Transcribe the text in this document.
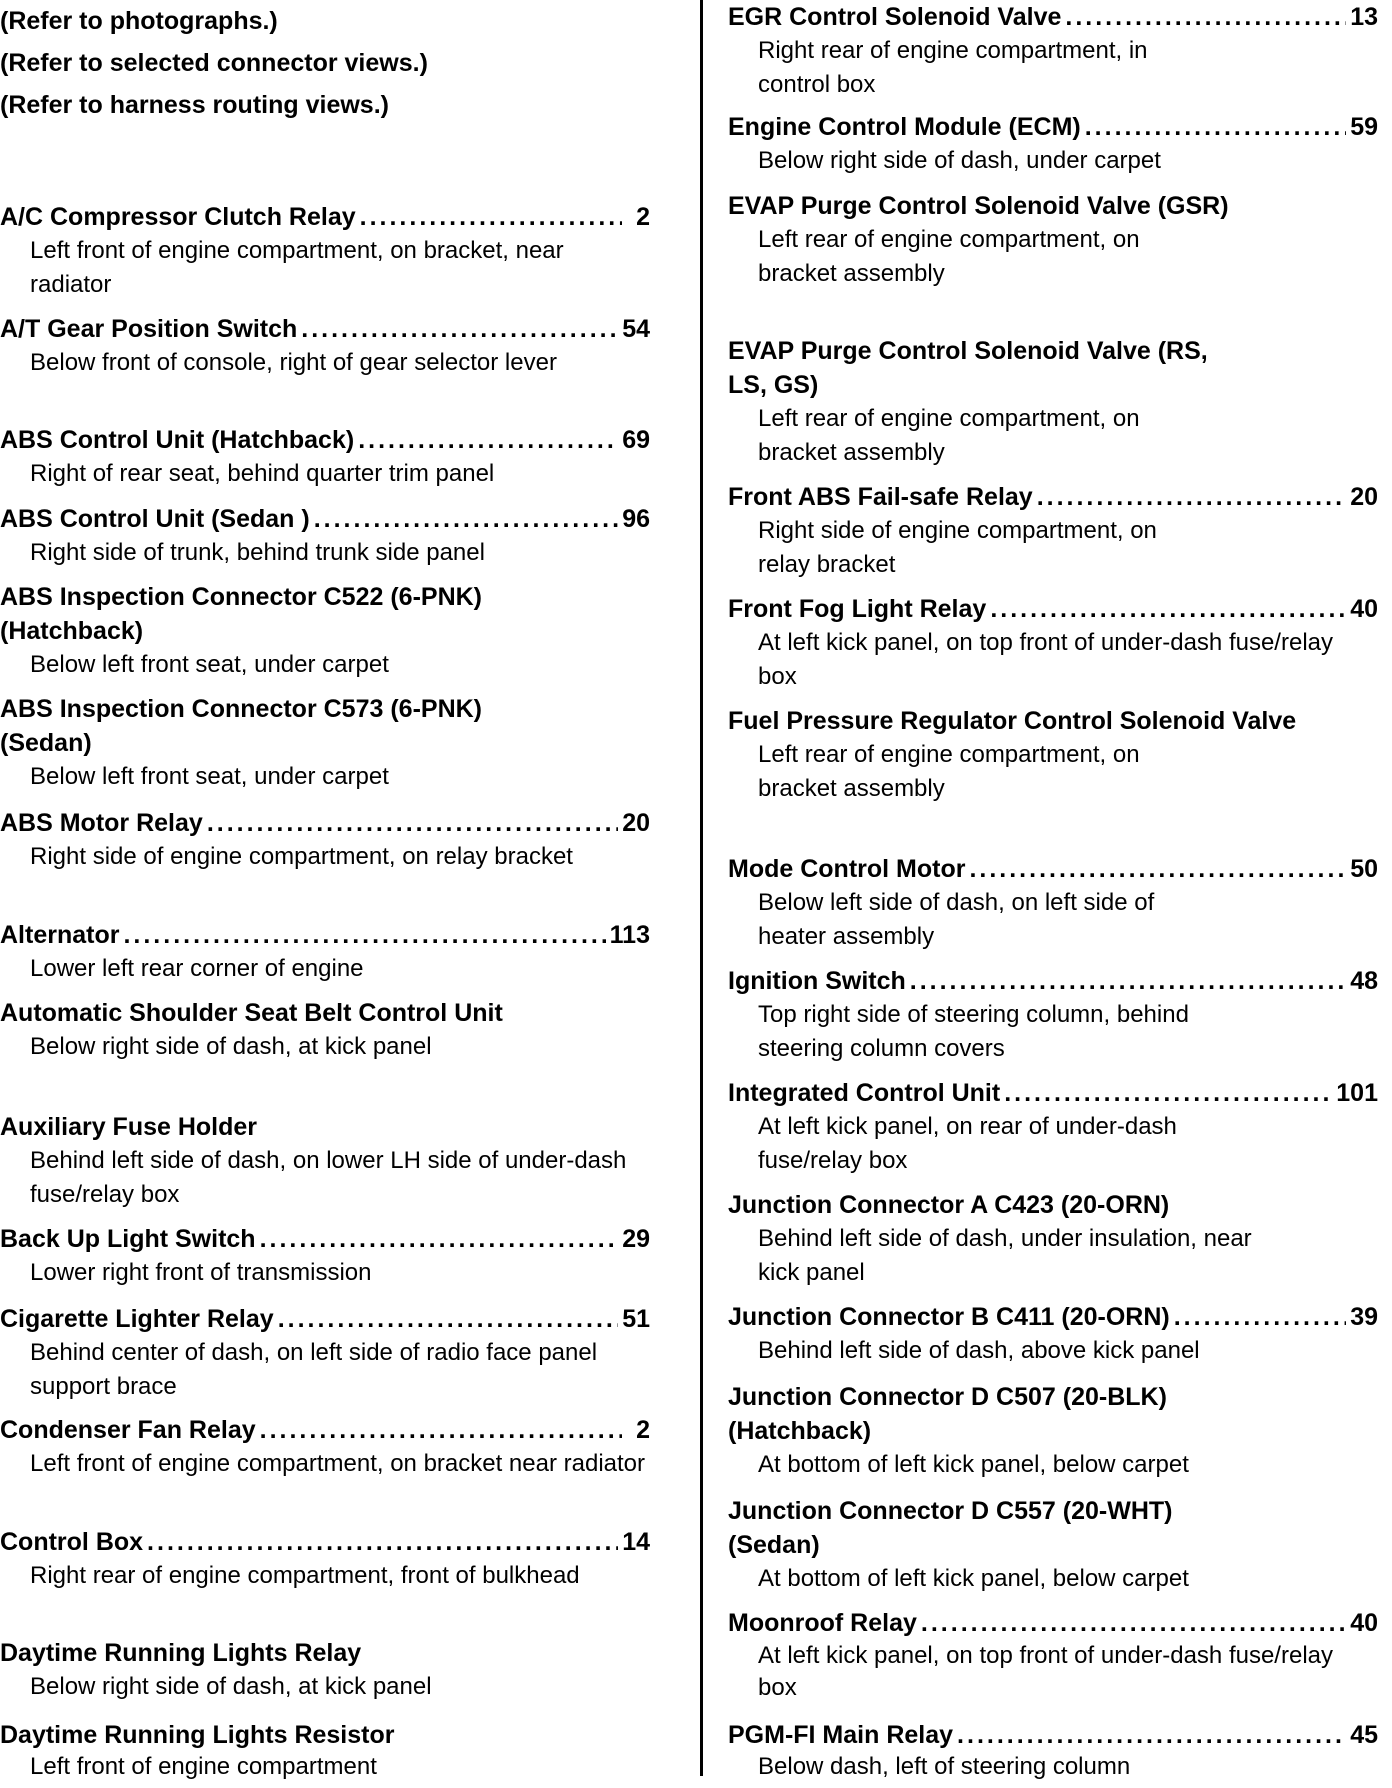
(Refer to photographs.)
(Refer to selected connector views.)
(Refer to harness routing views.)
A/C Compressor Clutch Relay .....	2
Left front of engine compartment, on bracket, near radiator
A/T Gear Position Switch .....	54
Below front of console, right of gear selector lever
ABS Control Unit (Hatchback) .....	69
Right of rear seat, behind quarter trim panel
ABS Control Unit (Sedan ) .....	96
Right side of trunk, behind trunk side panel
ABS Inspection Connector C522 (6-PNK) (Hatchback)
Below left front seat, under carpet
ABS Inspection Connector C573 (6-PNK) (Sedan)
Below left front seat, under carpet
ABS Motor Relay .....	20
Right side of engine compartment, on relay bracket
Alternator .....	113
Lower left rear corner of engine
Automatic Shoulder Seat Belt Control Unit
Below right side of dash, at kick panel
Auxiliary Fuse Holder
Behind left side of dash, on lower LH side of under-dash fuse/relay box
Back Up Light Switch .....	29
Lower right front of transmission
Cigarette Lighter Relay .....	51
Behind center of dash, on left side of radio face panel support brace
Condenser Fan Relay .....	2
Left front of engine compartment, on bracket near radiator
Control Box .....	14
Right rear of engine compartment, front of bulkhead
Daytime Running Lights Relay
Below right side of dash, at kick panel
Daytime Running Lights Resistor
Left front of engine compartment
EGR Control Solenoid Valve .....	13
Right rear of engine compartment, in control box
Engine Control Module (ECM) .....	59
Below right side of dash, under carpet
EVAP Purge Control Solenoid Valve (GSR)
Left rear of engine compartment, on bracket assembly
EVAP Purge Control Solenoid Valve (RS, LS, GS)
Left rear of engine compartment, on bracket assembly
Front ABS Fail-safe Relay .....	20
Right side of engine compartment, on relay bracket
Front Fog Light Relay .....	40
At left kick panel, on top front of under-dash fuse/relay box
Fuel Pressure Regulator Control Solenoid Valve
Left rear of engine compartment, on bracket assembly
Mode Control Motor .....	50
Below left side of dash, on left side of heater assembly
Ignition Switch .....	48
Top right side of steering column, behind steering column covers
Integrated Control Unit .....	101
At left kick panel, on rear of under-dash fuse/relay box
Junction Connector A C423 (20-ORN)
Behind left side of dash, under insulation, near kick panel
Junction Connector B C411 (20-ORN) .....	39
Behind left side of dash, above kick panel
Junction Connector D C507 (20-BLK) (Hatchback)
At bottom of left kick panel, below carpet
Junction Connector D C557 (20-WHT) (Sedan)
At bottom of left kick panel, below carpet
Moonroof Relay .....	40
At left kick panel, on top front of under-dash fuse/relay box
PGM-FI Main Relay .....	45
Below dash, left of steering column
